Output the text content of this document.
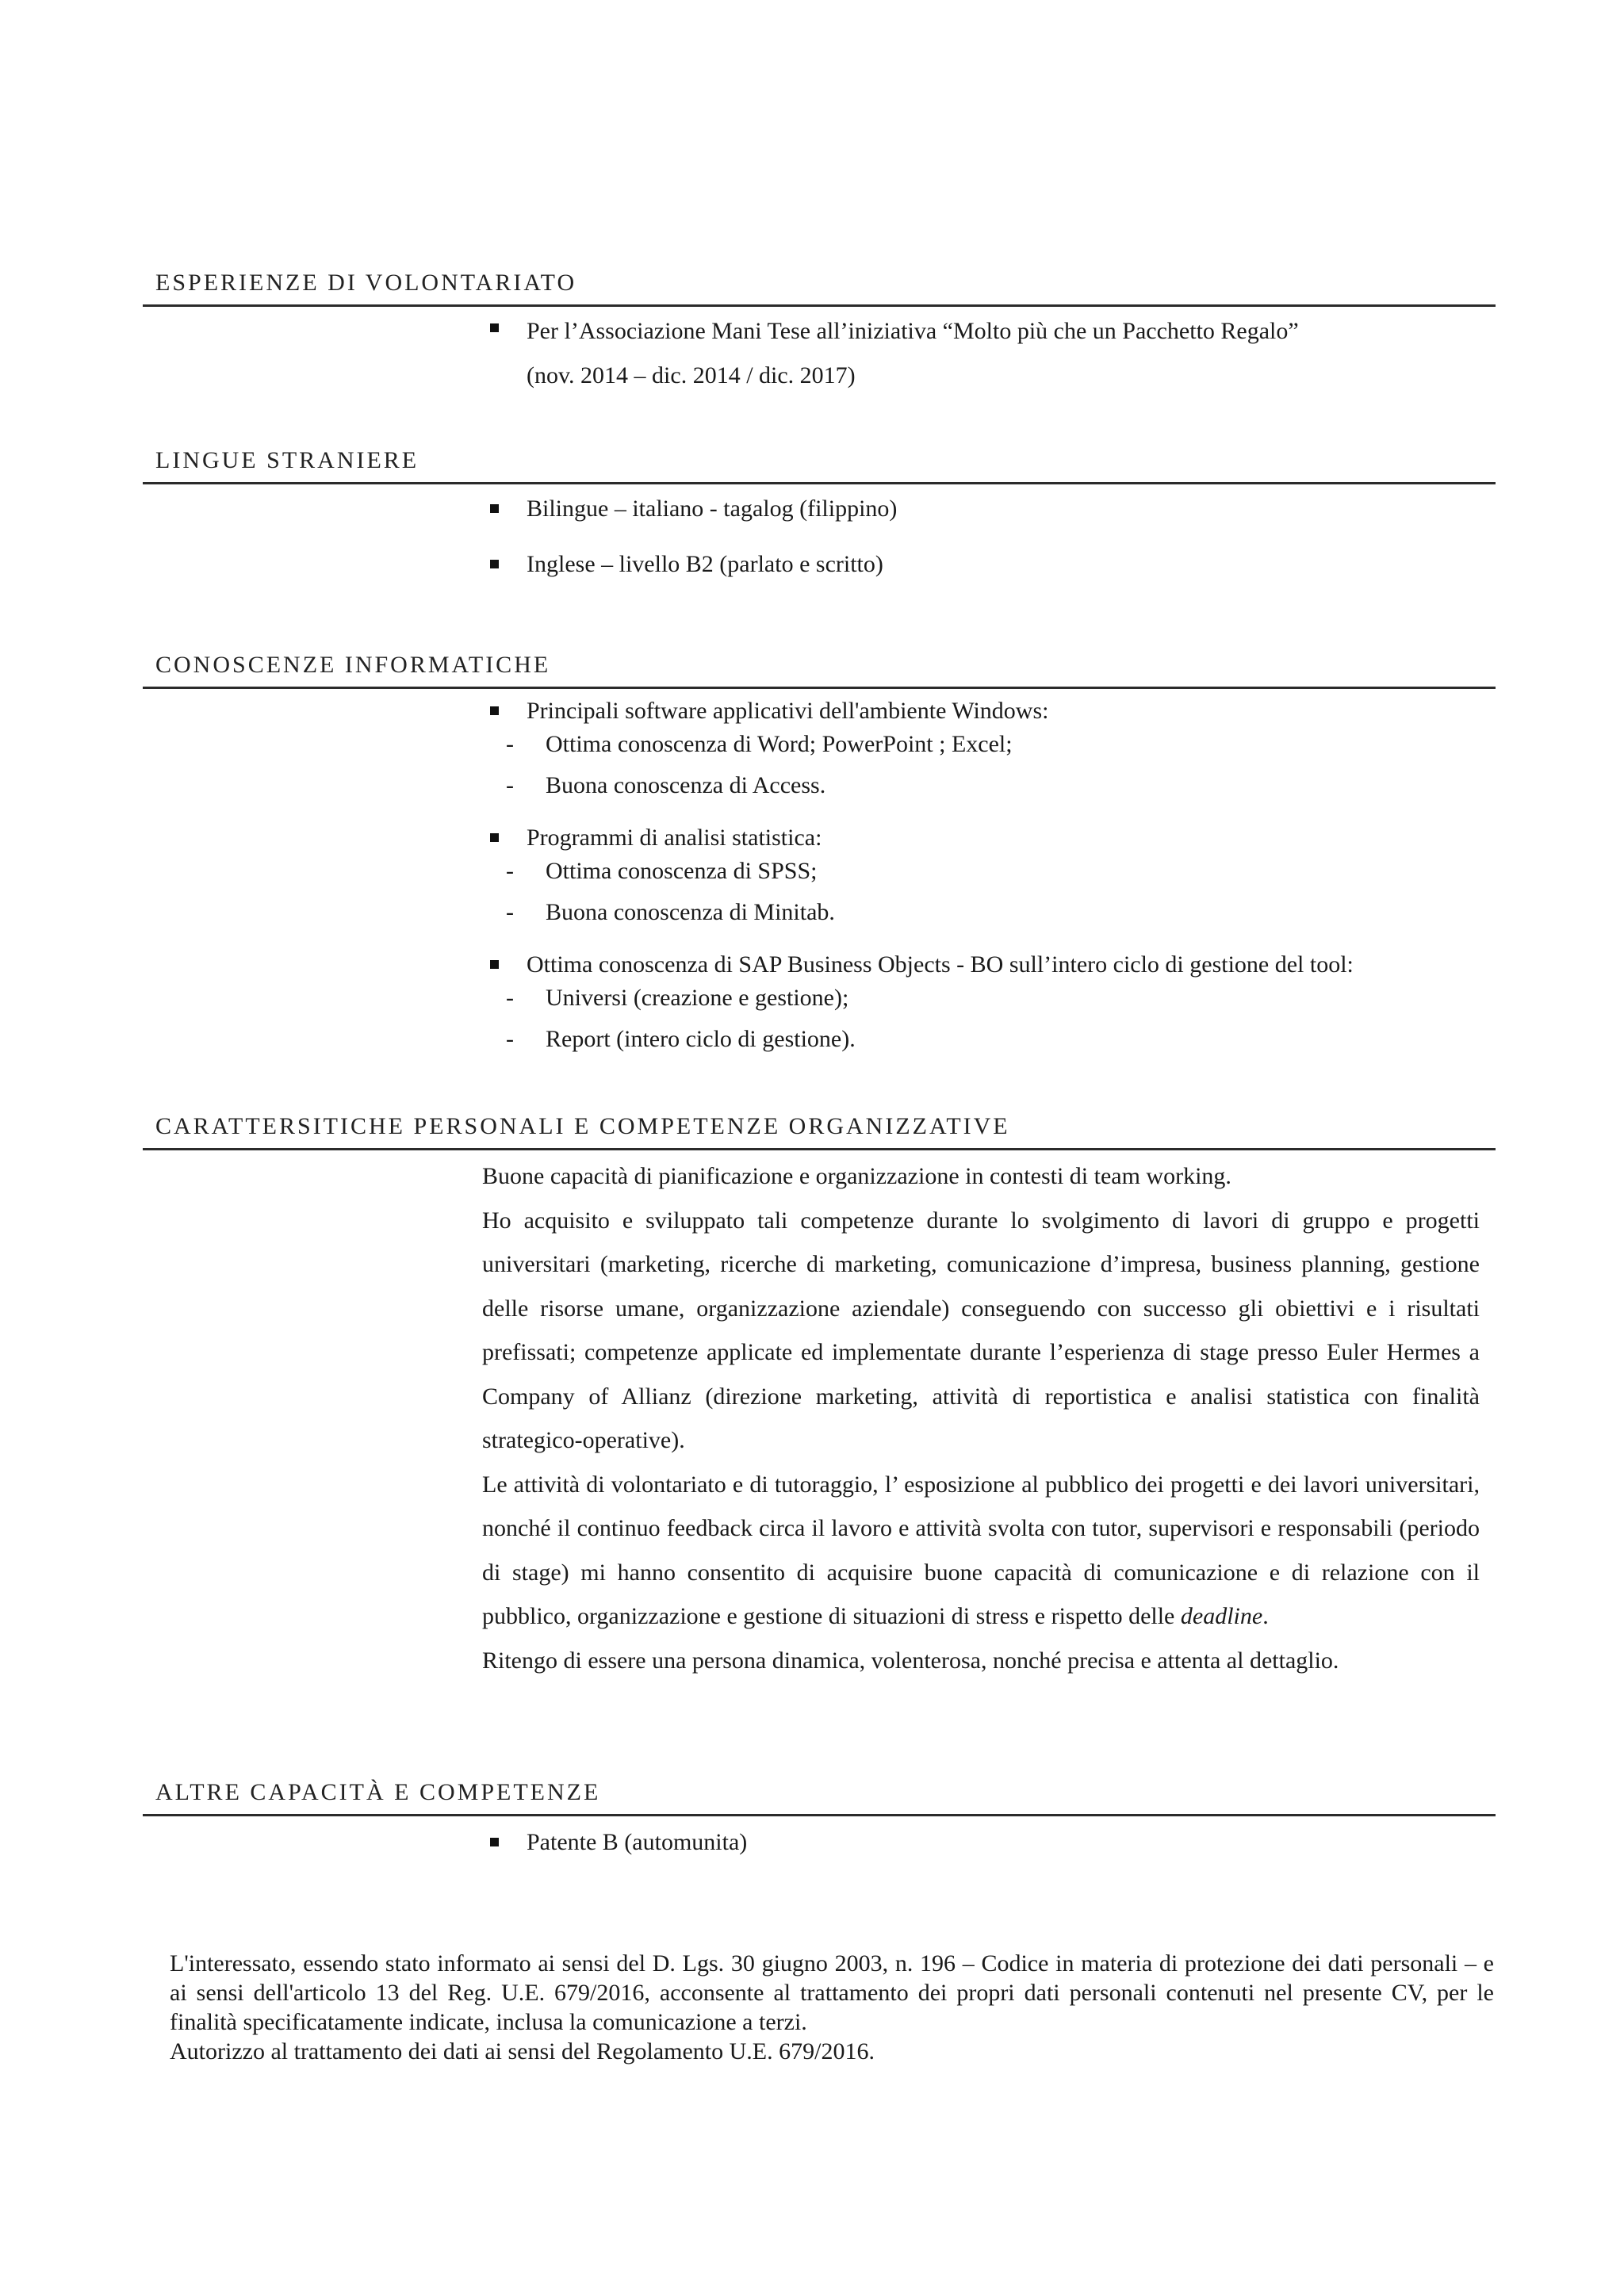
ESPERIENZE DI VOLONTARIATO
Per l’Associazione Mani Tese all’iniziativa “Molto più che un Pacchetto Regalo”
(nov. 2014 – dic. 2014 / dic. 2017)
LINGUE STRANIERE
Bilingue – italiano - tagalog (filippino)
Inglese – livello B2 (parlato e scritto)
CONOSCENZE INFORMATICHE
Principali software applicativi dell'ambiente Windows:
- Ottima conoscenza di Word; PowerPoint ; Excel;
- Buona conoscenza di Access.
Programmi di analisi statistica:
- Ottima conoscenza di SPSS;
- Buona conoscenza di Minitab.
Ottima conoscenza di SAP Business Objects - BO sull’intero ciclo di gestione del tool:
- Universi (creazione e gestione);
- Report (intero ciclo di gestione).
CARATTERSITICHE PERSONALI E COMPETENZE ORGANIZZATIVE

Buone capacità di pianificazione e organizzazione in contesti di team working.

Ho acquisito e sviluppato tali competenze durante lo svolgimento di lavori di gruppo e progetti universitari (marketing, ricerche di marketing, comunicazione d’impresa, business planning, gestione delle risorse umane, organizzazione aziendale) conseguendo con successo gli obiettivi e i risultati prefissati; competenze applicate ed implementate durante l’esperienza di stage presso Euler Hermes a Company of Allianz (direzione marketing, attività di reportistica e analisi statistica con finalità strategico-operative).

Le attività di volontariato e di tutoraggio, l’ esposizione al pubblico dei progetti e dei lavori universitari, nonché il continuo feedback circa il lavoro e attività svolta con tutor, supervisori e responsabili (periodo di stage) mi hanno consentito di acquisire buone capacità di comunicazione e di relazione con il pubblico, organizzazione e gestione di situazioni di stress e rispetto delle deadline.

Ritengo di essere una persona dinamica, volenterosa, nonché precisa e attenta al dettaglio.

ALTRE CAPACITÀ E COMPETENZE
Patente B (automunita)

L'interessato, essendo stato informato ai sensi del D. Lgs. 30 giugno 2003, n. 196 – Codice in materia di protezione dei dati personali – e ai sensi dell'articolo 13 del Reg. U.E. 679/2016, acconsente al trattamento dei propri dati personali contenuti nel presente CV, per le finalità specificatamente indicate, inclusa la comunicazione a terzi.

Autorizzo al trattamento dei dati ai sensi del Regolamento U.E. 679/2016.
